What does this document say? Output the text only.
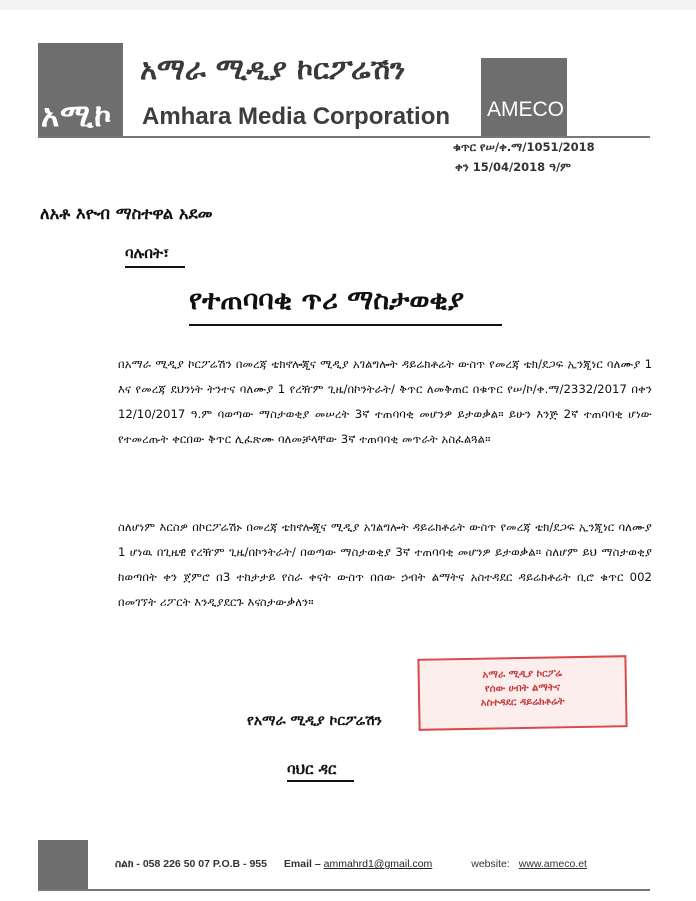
አሚኮ
አማራ ሚዲያ ኮርፖሬሽን
Amhara Media Corporation AMECO
ቁጥር የሠ/ቀ.ማ/1051/2018
ቀን 15/04/2018 ዓ/ም
ለአቶ እዮብ ማስተዋል አደመ
ባሉበት፣
የተጠባባቂ ጥሪ ማስታወቂያ
በአማራ ሚዲያ ኮርፖሬሽን በመረጃ ቴክኖሎጂና ሚዲያ አገልግሎት ዳይሬክቶሬት ውስጥ የመረጃ ቴክ/ደጋፍ ኢንጂነር ባለሙያ 1 እና የመረጃ ደህንነት ትንተና ባለሙያ 1 የረዥም ጊዜ/በኮንትራት/ ቅጥር ለመቅጠር በቁጥር የሠ/ኮ/ቀ.ማ/2332/2017 በቀን 12/10/2017 ዓ.ም ባወጣው ማስታወቂያ መሠረት 3ኛ ተጠባባቂ መሆንዎ ይታወቃል። ይሁን እንጅ 2ኛ ተጠባባቂ ሆነው የተመረጡት ቀርበው ቅጥር ሊፈጽሙ ባለመቻላቸው 3ኛ ተጠባባቂ መጥራት አስፈልጓል።
ስለሆነም እርስዎ በኮርፖሬሽኑ በመረጃ ቴክኖሎጂና ሚዲያ አገልግሎት ዳይሬክቶሬት ውስጥ የመረጃ ቴክ/ደጋፍ ኢንጂነር ባለሙያ 1 ሆነዉ በጊዜዊ የረዥም ጊዜ/በኮንትራት/ በወጣው ማስታወቂያ 3ኛ ተጠባባቂ መሆንዎ ይታወቃል። ስለሆም ይህ ማስታወቂያ ከወጣበት ቀን ጀምሮ በ3 ተከታታይ የስራ ቀናት ውስጥ በሰው ኃብት ልማትና አስተዳደር ዳይሬክቶሬት ቢሮ ቁጥር 002 በመገኘት ሪፖርት እንዲያደርጉ እናስታውቃለን።
አማራ ሚዲያ ኮርፖሬ
የሰው ሀብት ልማትና
አስተዳደር ዳይሬክቶሬት
የአማራ ሚዲያ ኮርፖሬሽን
ባህር ዳር
ስልክ - 058 226 50 07 P.O.B - 955 Email – ammahrd1@gmail.com	website: www.ameco.et
